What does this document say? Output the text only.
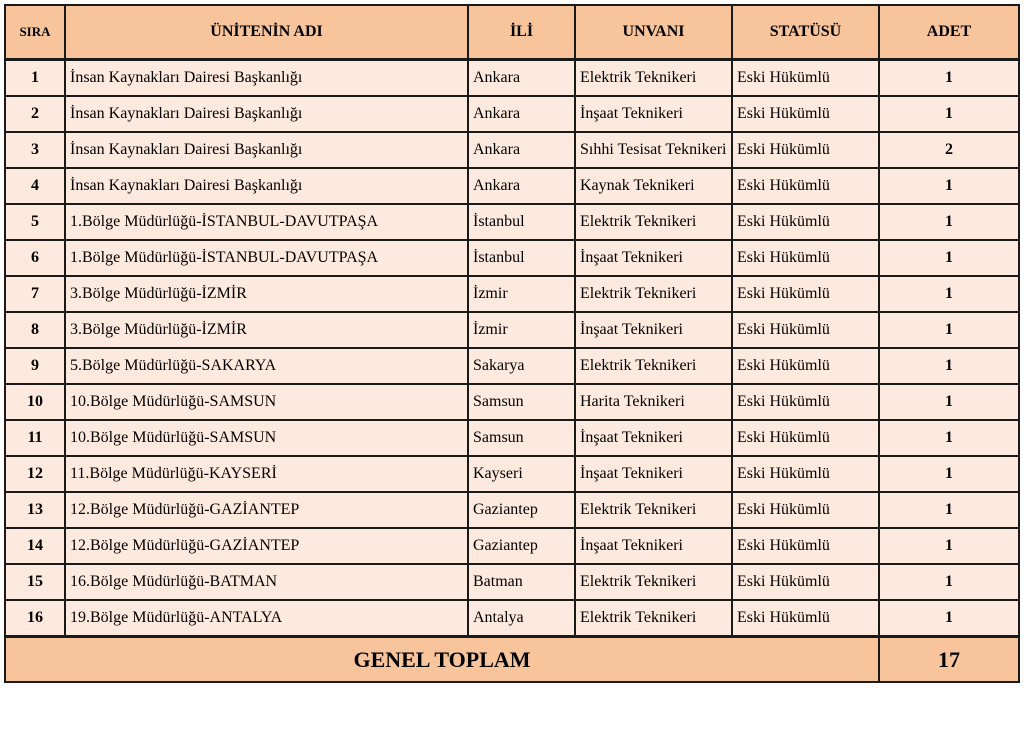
SIRA	ÜNİTENİN ADI	İLİ	UNVANI	STATÜSÜ	ADET
1	İnsan Kaynakları Dairesi Başkanlığı	Ankara	Elektrik Teknikeri	Eski Hükümlü	1
2	İnsan Kaynakları Dairesi Başkanlığı	Ankara	İnşaat Teknikeri	Eski Hükümlü	1
3	İnsan Kaynakları Dairesi Başkanlığı	Ankara	Sıhhi Tesisat Teknikeri	Eski Hükümlü	2
4	İnsan Kaynakları Dairesi Başkanlığı	Ankara	Kaynak Teknikeri	Eski Hükümlü	1
5	1.Bölge Müdürlüğü-İSTANBUL-DAVUTPAŞA	İstanbul	Elektrik Teknikeri	Eski Hükümlü	1
6	1.Bölge Müdürlüğü-İSTANBUL-DAVUTPAŞA	İstanbul	İnşaat Teknikeri	Eski Hükümlü	1
7	3.Bölge Müdürlüğü-İZMİR	İzmir	Elektrik Teknikeri	Eski Hükümlü	1
8	3.Bölge Müdürlüğü-İZMİR	İzmir	İnşaat Teknikeri	Eski Hükümlü	1
9	5.Bölge Müdürlüğü-SAKARYA	Sakarya	Elektrik Teknikeri	Eski Hükümlü	1
10	10.Bölge Müdürlüğü-SAMSUN	Samsun	Harita Teknikeri	Eski Hükümlü	1
11	10.Bölge Müdürlüğü-SAMSUN	Samsun	İnşaat Teknikeri	Eski Hükümlü	1
12	11.Bölge Müdürlüğü-KAYSERİ	Kayseri	İnşaat Teknikeri	Eski Hükümlü	1
13	12.Bölge Müdürlüğü-GAZİANTEP	Gaziantep	Elektrik Teknikeri	Eski Hükümlü	1
14	12.Bölge Müdürlüğü-GAZİANTEP	Gaziantep	İnşaat Teknikeri	Eski Hükümlü	1
15	16.Bölge Müdürlüğü-BATMAN	Batman	Elektrik Teknikeri	Eski Hükümlü	1
16	19.Bölge Müdürlüğü-ANTALYA	Antalya	Elektrik Teknikeri	Eski Hükümlü	1
GENEL TOPLAM					17
